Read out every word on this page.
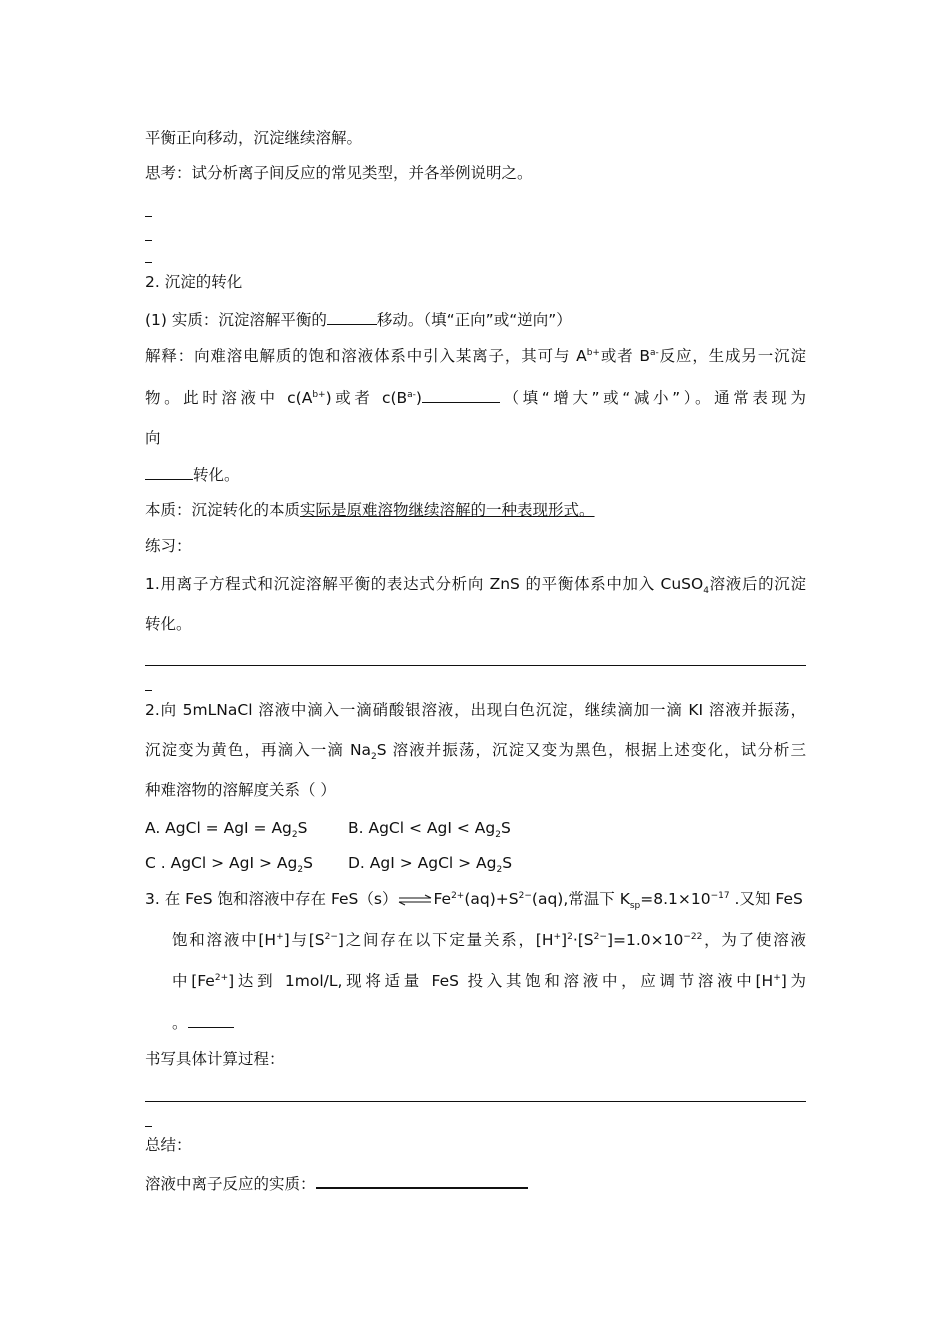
平衡正向移动，沉淀继续溶解。
思考：试分析离子间反应的常见类型，并各举例说明之。
2. 沉淀的转化
(1) 实质：沉淀溶解平衡的	移动。（填“正向”或“逆向”）
解释：向难溶电解质的饱和溶液体系中引入某离子，其可与 $A^{b+}$或者 $B^{a-}$反应，生成另一沉淀
物。此时溶液中 $c(A^{b+})$或者 $c(B^{a-})$	（填“增大”或“减小”）。通常表现为
向
转化。
本质：沉淀转化的本质实际是原难溶物继续溶解的一种表现形式。
练习：
1.用离子方程式和沉淀溶解平衡的表达式分析向 ZnS 的平衡体系中加入 CuSO$_4$溶液后的沉淀
转化。
2.向 5mLNaCl 溶液中滴入一滴硝酸银溶液，出现白色沉淀，继续滴加一滴 KI 溶液并振荡，
沉淀变为黄色，再滴入一滴 $Na_2S$ 溶液并振荡，沉淀又变为黑色，根据上述变化，试分析三
种难溶物的溶解度关系（ ）
A. AgCl = AgI = $Ag_2S$	B. AgCl < AgI < $Ag_2S$
C . AgCl > AgI > $Ag_2S$ D. AgI > AgCl > $Ag_2S$
3. 在 FeS 饱和溶液中存在 $FeS(s)\rightleftharpoons Fe^{2+}(aq)+S^{2-}(aq)$,常温下 $K_{sp}=8.1\times 10^{-17}$ .又知 FeS
饱和溶液中[H+]与$[S^{2-}]$之间存在以下定量关系，$[H^+]^2\cdot[S^{2-}]=1.0\times 10^{-22}$，为了使溶液
中$[Fe^{2+}]$达到 1mol/L,现将适量 FeS 投入其饱和溶液中，应调节溶液中[H+]为
。
书写具体计算过程：
总结：
溶液中离子反应的实质：
